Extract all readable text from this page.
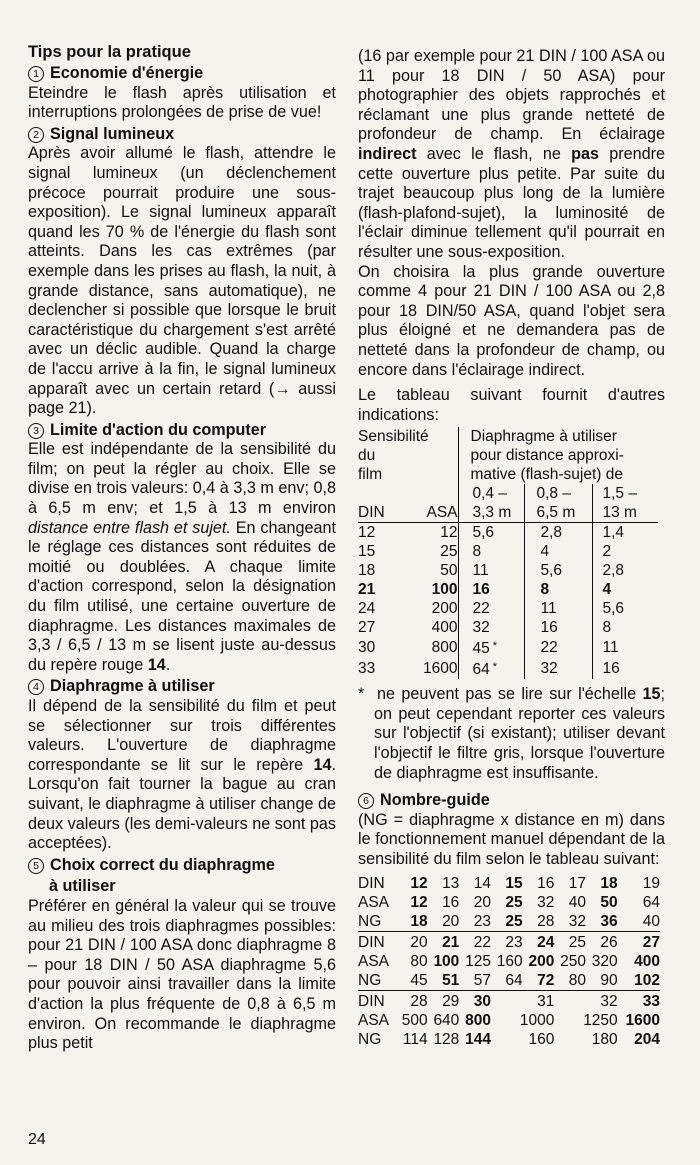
Tips pour la pratique

1 Economie d'énergie

Eteindre le flash après utilisation et interruptions prolongées de prise de vue!

2 Signal lumineux

Après avoir allumé le flash, attendre le signal lumineux (un déclenchement précoce pourrait produire une sous-exposition). Le signal lumineux apparaît quand les 70 % de l'énergie du flash sont atteints. Dans les cas extrêmes (par exemple dans les prises au flash, la nuit, à grande distance, sans automatique), ne declencher si possible que lorsque le bruit caractéristique du chargement s'est arrêté avec un déclic audible. Quand la charge de l'accu arrive à la fin, le signal lumineux apparaît avec un certain retard (→ aussi page 21).

3 Limite d'action du computer

Elle est indépendante de la sensibilité du film; on peut la régler au choix. Elle se divise en trois valeurs: 0,4 à 3,3 m env; 0,8 à 6,5 m env; et 1,5 à 13 m environ distance entre flash et sujet. En changeant le réglage ces distances sont réduites de moitié ou doublées. A chaque limite d'action correspond, selon la désignation du film utilisé, une certaine ouverture de diaphragme. Les distances maximales de 3,3 / 6,5 / 13 m se lisent juste au-dessus du repère rouge 14.

4 Diaphragme à utiliser

Il dépend de la sensibilité du film et peut se sélectionner sur trois différentes valeurs. L'ouverture de diaphragme correspondante se lit sur le repère 14. Lorsqu'on fait tourner la bague au cran suivant, le diaphragme à utiliser change de deux valeurs (les demi-valeurs ne sont pas acceptées).

5 Choix correct du diaphragme

à utiliser

Préférer en général la valeur qui se trouve au milieu des trois diaphragmes possibles: pour 21 DIN / 100 ASA donc diaphragme 8 – pour 18 DIN / 50 ASA diaphragme 5,6 pour pouvoir ainsi travailler dans la limite d'action la plus fréquente de 0,8 à 6,5 m environ. On recommande le diaphragme plus petit

(16 par exemple pour 21 DIN / 100 ASA ou 11 pour 18 DIN / 50 ASA) pour photographier des objets rapprochés et réclamant une plus grande netteté de profondeur de champ. En éclairage indirect avec le flash, ne pas prendre cette ouverture plus petite. Par suite du trajet beaucoup plus long de la lumière (flash-plafond-sujet), la luminosité de l'éclair diminue tellement qu'il pourrait en résulter une sous-exposition.

On choisira la plus grande ouverture comme 4 pour 21 DIN / 100 ASA ou 2,8 pour 18 DIN/50 ASA, quand l'objet sera plus éloigné et ne demandera pas de netteté dans la profondeur de champ, ou encore dans l'éclairage indirect.

Le tableau suivant fournit d'autres indications:

Sensibilité		Diaphragme à utiliser		
du		pour distance approxi-		
film		mative (flash-sujet) de		
		0,4 –	0,8 –	1,5 –
DIN	ASA	3,3 m	6,5 m	13 m
12	12	5,6	2,8	1,4
15	25	8	4	2
18	50	11	5,6	2,8
21	100	16	8	4
24	200	22	11	5,6
27	400	32	16	8
30	800	45 *	22	11
33	1600	64 *	32	16

* ne peuvent pas se lire sur l'échelle 15; on peut cependant reporter ces valeurs sur l'objectif (si existant); utiliser devant l'objectif le filtre gris, lorsque l'ouverture de diaphragme est insuffisante.

6 Nombre-guide

(NG = diaphragme x distance en m) dans le fonctionnement manuel dépendant de la sensibilité du film selon le tableau suivant:

DIN	12	13	14	15	16	17	18	19
ASA	12	16	20	25	32	40	50	64
NG	18	20	23	25	28	32	36	40
DIN	20	21	22	23	24	25	26	27
ASA	80	100	125	160	200	250	320	400
NG	45	51	57	64	72	80	90	102
DIN	28	29	30	31		32		33
ASA	500	640	800	1000		1250		1600
NG	114	128	144	160		180		204
24
